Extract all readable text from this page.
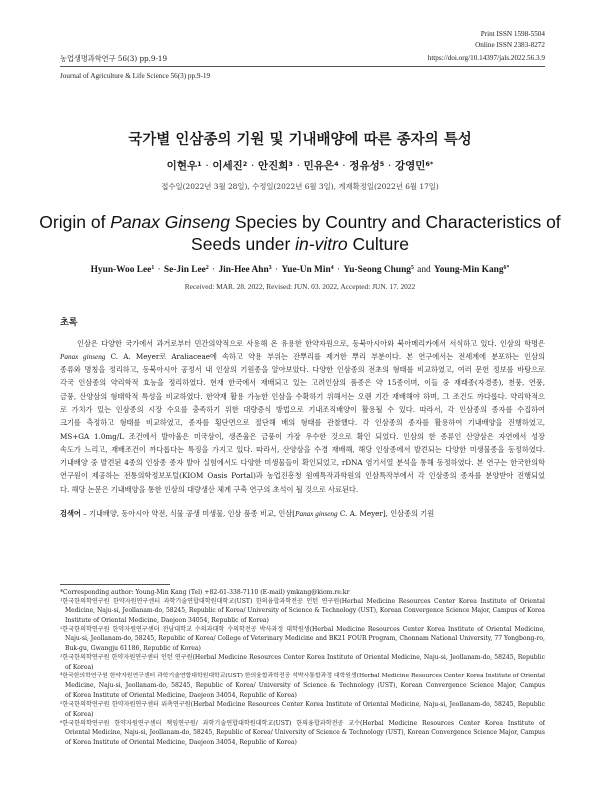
Print ISSN 1598-5504
Online ISSN 2383-8272
농업생명과학연구 56(3) pp.9-19	https://doi.org/10.14397/jals.2022.56.3.9
Journal of Agriculture & Life Science 56(3) pp.9-19
국가별 인삼종의 기원 및 기내배양에 따른 종자의 특성
이현우$^1$ · 이세진$^2$ · 안진희$^3$ · 민유은$^4$ · 정유성$^5$ · 강영민$^{6*}$
접수일(2022년 3월 28일), 수정일(2022년 6월 3일), 게재확정일(2022년 6월 17일)
Origin of Panax Ginseng Species by Country and Characteristics of
Seeds under in-vitro Culture
Hyun-Woo Lee$^1$ · Se-Jin Lee$^2$ · Jin-Hee Ahn$^3$ · Yue-Un Min$^4$ · Yu-Seong Chung$^5$ and Young-Min Kang$^{6*}$
Received: MAR. 28. 2022, Revised: JUN. 03. 2022, Accepted: JUN. 17. 2022
초록
인삼은 다양한 국가에서 과거로부터 민간의약적으로 사용해 온 유용한 한약자원으로, 동북아시아와 북아메리카에서 서식하고 있다. 인삼의 학명은
Panax ginseng C. A. Meyer로 Araliaceae에 속하고 약용 부위는 잔뿌리를 제거한 뿌리 부분이다. 본 연구에서는 전세계에 분포하는 인삼의
종류와 명칭을 정리하고, 동북아시아 공정서 내 인삼의 기원종을 알아보았다. 다양한 인삼종의 전초의 형태를 비교하였고, 여러 문헌 정보를 바탕으로
각국 인삼종의 약리학적 효능을 정리하였다. 현재 한국에서 재배되고 있는 고려인삼의 품종은 약 15종이며, 이들 중 재래종(자경종), 천풍, 연풍,
금풍, 산양삼의 형태학적 특성을 비교하였다. 한약재 활용 가능한 인삼을 수확하기 위해서는 오랜 기간 재배해야 하며, 그 조건도 까다롭다. 약리학적으
로 가치가 있는 인삼종의 시장 수요를 충족하기 위한 대량증식 방법으로 기내조직배양이 활용될 수 있다. 따라서, 각 인삼종의 종자를 수집하여
크기를 측정하고 형태를 비교하였고, 종자를 횡단면으로 절단해 배의 형태를 관찰했다. 각 인삼종의 종자를 활용하여 기내배양을 진행하였고,
MS+GA 1.0mg/L 조건에서 발아율은 미국삼이, 생존율은 금풍이 가장 우수한 것으로 확인 되었다. 인삼의 한 종류인 산양삼은 자연에서 성장
속도가 느리고, 재배조건이 까다롭다는 특징을 가지고 있다. 따라서, 산양삼을 수경 재배해, 해당 인삼종에서 발견되는 다양한 미생물종을 동정하였다.
기내배양 중 발견된 4종의 인삼종 종자 발아 실험에서도 다양한 미생물들이 확인되었고, rDNA 염기서열 분석을 통해 동정하였다. 본 연구는 한국한의학
연구원이 제공하는 전통의학정보포털(KIOM Oasis Portal)과 농업진흥청 원예특작과학원의 인삼특작부에서 각 인삼종의 종자를 분양받아 진행되었
다. 해당 논문은 기내배양을 통한 인삼의 대량생산 체계 구축 연구의 초석이 될 것으로 사료된다.
검색어 – 기내배양, 동아시아 약전, 식물 공생 미생물, 인삼 품종 비교, 인삼[Panax ginseng C. A. Meyer], 인삼종의 기원
*Corresponding author: Young-Min Kang (Tel) +82-61-338-7110 (E-mail) ymkang@kiom.re.kr
$^1$한국한의학연구원 한약자원연구센터 과학기술연합대학원대학교(UST) 한의융합과학전공 인턴 연구원(Herbal Medicine Resources Center Korea Institute of Oriental
Medicine, Naju-si, Jeollanam-do, 58245, Republic of Korea/ University of Science & Technology (UST), Korean Convergence Science Major, Campus of Korea
Institute of Oriental Medicine, Daejeon 34054, Republic of Korea)
$^2$한국한의학연구원 한약자원연구센터 전남대학교 수의과대학 수의학전공 박사과정 대학원생(Herbal Medicine Resources Center Korea Institute of Oriental Medicine,
Naju-si, Jeollanam-do, 58245, Republic of Korea/ College of Veterinary Medicine and BK21 FOUR Program, Chonnam National University, 77 Yongbong-ro,
Buk-gu, Gwangju 61186, Republic of Korea)
$^3$한국한의학연구원 한약자원연구센터 인턴 연구원(Herbal Medicine Resources Center Korea Institute of Oriental Medicine, Naju-si, Jeollanam-do, 58245, Republic
of Korea)
$^4$한국한의학연구원 한약자원연구센터 과학기술연합대학원대학교(UST) 한의융합과학전공 석박사통합과정 대학원생(Herbal Medicine Resources Center Korea Institute of Oriental
Medicine, Naju-si, Jeollanam-do, 58245, Republic of Korea/ University of Science & Technology (UST), Korean Convergence Science Major, Campus
of Korea Institute of Oriental Medicine, Daejeon 34054, Republic of Korea)
$^5$한국한의학연구원 한약자원연구센터 위촉연구원(Herbal Medicine Resources Center Korea Institute of Oriental Medicine, Naju-si, Jeollanam-do, 58245, Republic
of Korea)
$^6$한국한의학연구원 한약자원연구센터 책임연구원/ 과학기술연합대학원대학교(UST) 한의융합과학전공 교수(Herbal Medicine Resources Center Korea Institute of
Oriental Medicine, Naju-si, Jeollanam-do, 58245, Republic of Korea/ University of Science & Technology (UST), Korean Convergence Science Major, Campus
of Korea Institute of Oriental Medicine, Daejeon 34054, Republic of Korea)
